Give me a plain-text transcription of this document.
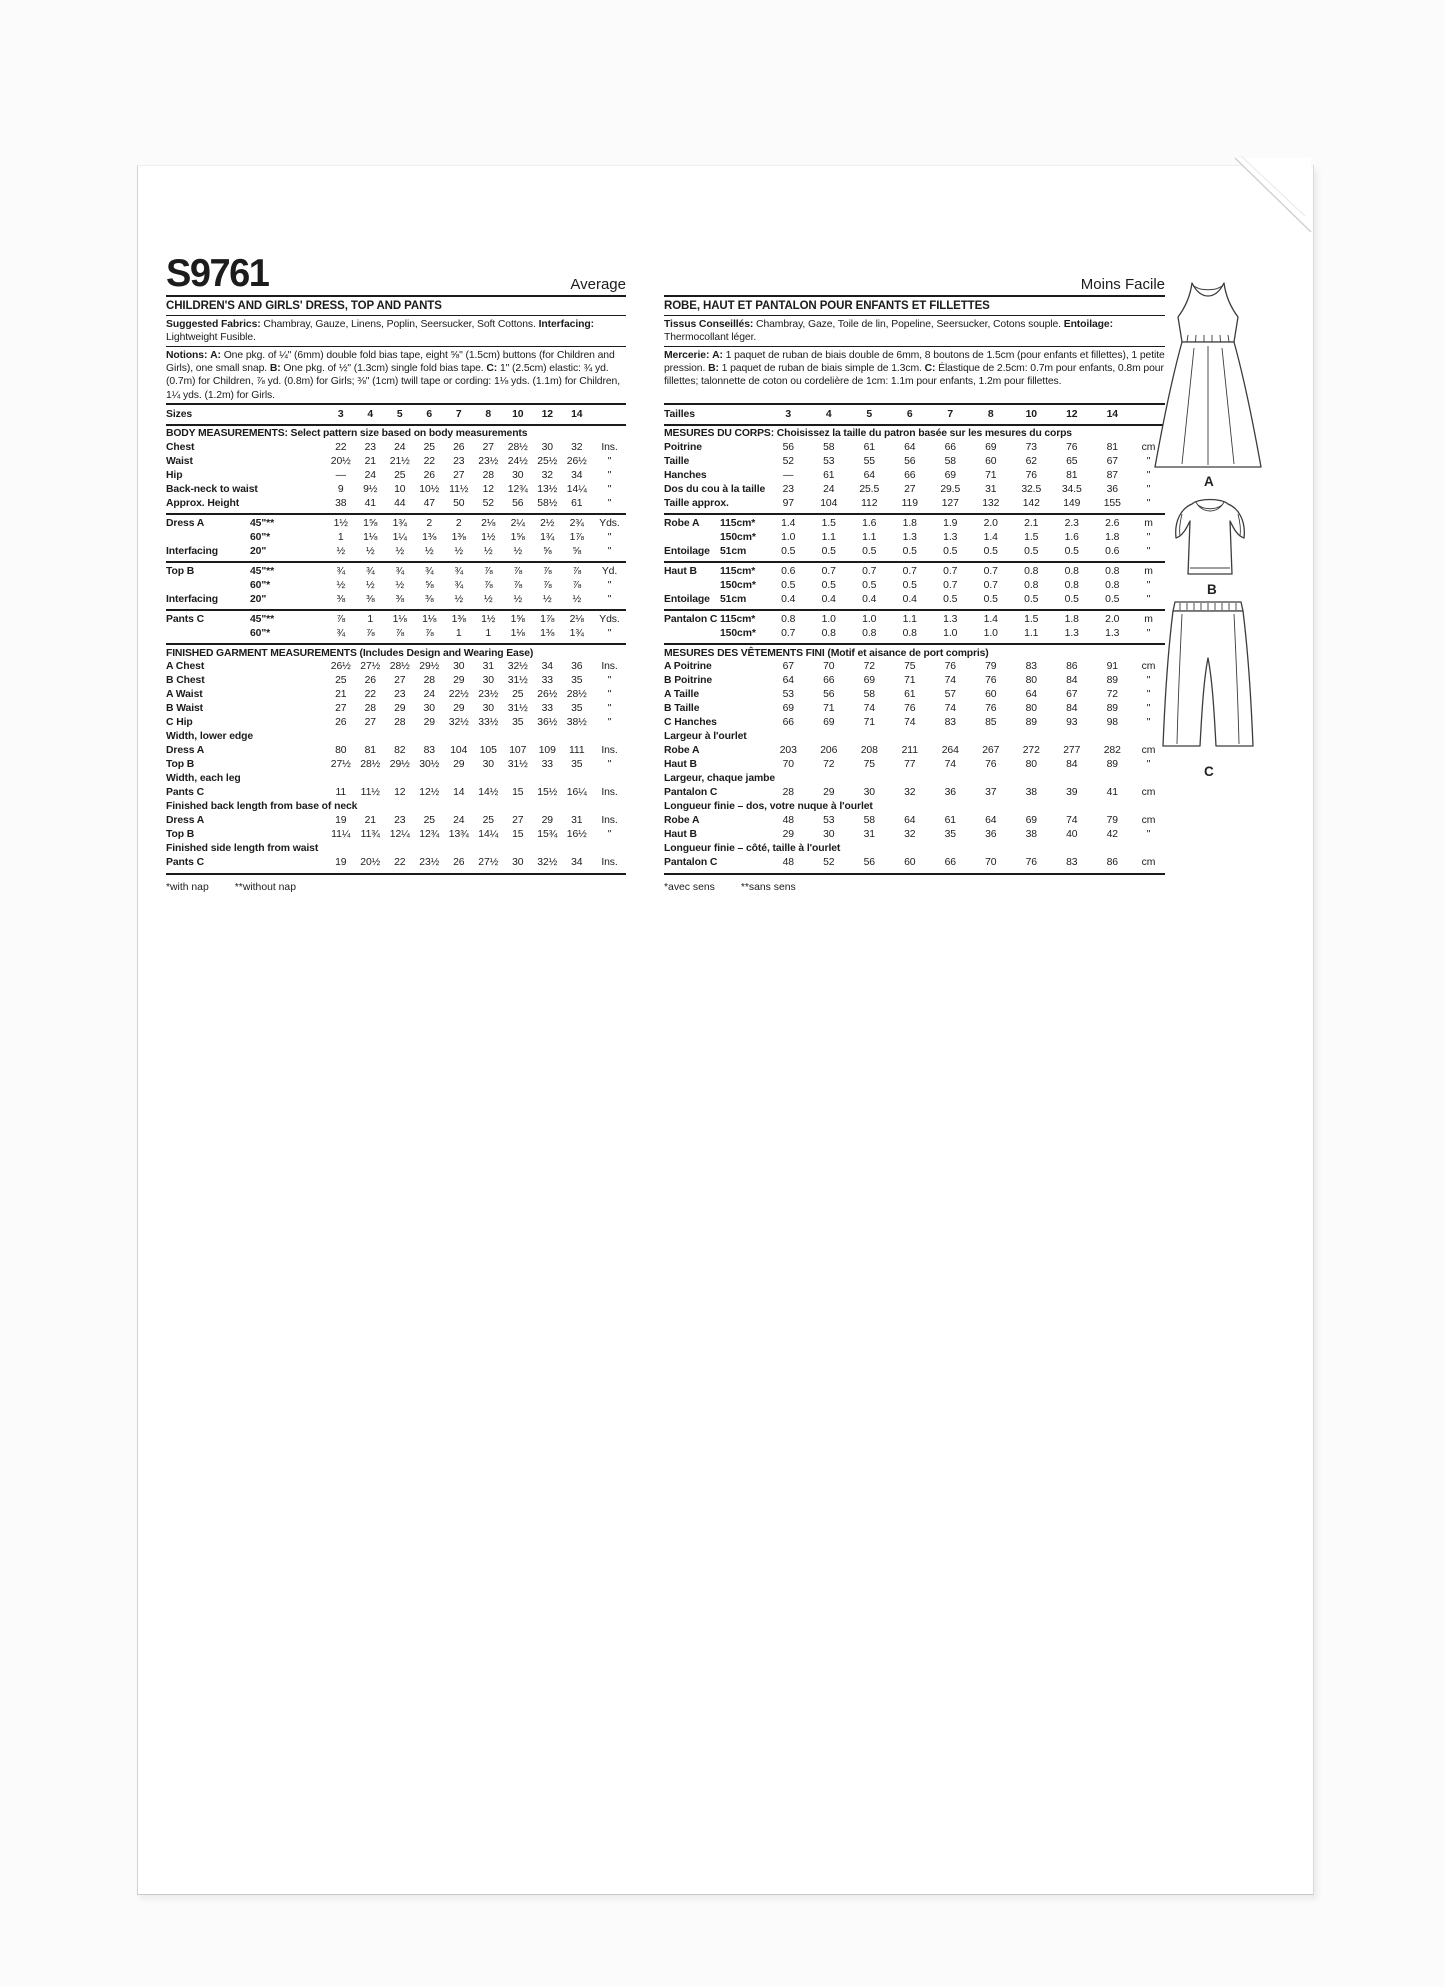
S9761	Average
CHILDREN'S AND GIRLS' DRESS, TOP AND PANTS
Suggested Fabrics: Chambray, Gauze, Linens, Poplin, Seersucker, Soft Cottons. Interfacing: Lightweight Fusible.
Notions: A: One pkg. of ¼" (6mm) double fold bias tape, eight ⅝" (1.5cm) buttons (for Children and Girls), one small snap. B: One pkg. of ½" (1.3cm) single fold bias tape. C: 1" (2.5cm) elastic: ¾ yd. (0.7m) for Children, ⅞ yd. (0.8m) for Girls; ⅜" (1cm) twill tape or cording: 1⅛ yds. (1.1m) for Children, 1¼ yds. (1.2m) for Girls.
Sizes	3	4	5	6	7	8	10	12	14
BODY MEASUREMENTS: Select pattern size based on body measurements
Chest	22	23	24	25	26	27	28½	30	32	Ins.
Waist	20½	21	21½	22	23	23½ 24½ 25½ 26½	"
Hip	—	24	25	26	27	28	30	32	34	"
Back-neck to waist	9	9½	10	10½ 11½	12	12¾ 13½ 14¼	"
Approx. Height	38	41	44	47	50	52	56	58½	61	"
Dress A	45"**	1½	1⅝	1¾	2	2	2⅛	2¼	2½	2¾	Yds.
60"*	1	1⅛	1¼	1⅜	1⅜	1½	1⅝	1¾	1⅞	"
Interfacing	20"	½	½	½	½	½	½	½	⅝	⅝	"
Top B	45"**	¾	¾	¾	¾	¾	⅞	⅞	⅞	⅞	Yd.
60"*	½	½	½	⅝	¾	⅞	⅞	⅞	⅞	"
Interfacing	20"	⅜	⅜	⅜	⅜	½	½	½	½	½	"
Pants C	45"**	⅞	1	1⅛	1⅛	1⅜	1½	1⅝	1⅞	2⅛	Yds.
60"*	¾	⅞	⅞	⅞	1	1	1⅛	1⅜	1¾	"
FINISHED GARMENT MEASUREMENTS (Includes Design and Wearing Ease)
A Chest	26½ 27½ 28½ 29½	30	31	32½	34	36	Ins.
B Chest	25	26	27	28	29	30	31½	33	35	"
A Waist	21	22	23	24	22½ 23½	25	26½ 28½	"
B Waist	27	28	29	30	29	30	31½	33	35	"
C Hip	26	27	28	29	32½ 33½	35	36½ 38½	"
Width, lower edge
Dress A	80	81	82	83	104	105	107	109	111	Ins.
Top B	27½ 28½ 29½ 30½	29	30	31½	33	35	"
Width, each leg
Pants C	11	11½	12	12½	14	14½	15	15½ 16¼	Ins.
Finished back length from base of neck
Dress A	19	21	23	25	24	25	27	29	31	Ins.
Top B	11¼ 11¾ 12¼ 12¾ 13¾ 14¼	15	15¾ 16½	"
Finished side length from waist
Pants C	19	20½	22	23½	26	27½	30	32½	34	Ins.
*with nap	**without nap
Moins Facile
ROBE, HAUT ET PANTALON POUR ENFANTS ET FILLETTES
Tissus Conseillés: Chambray, Gaze, Toile de lin, Popeline, Seersucker, Cotons souple. Entoilage: Thermocollant léger.
Mercerie: A: 1 paquet de ruban de biais double de 6mm, 8 boutons de 1.5cm (pour enfants et fillettes), 1 petite pression. B: 1 paquet de ruban de biais simple de 1.3cm. C: Élastique de 2.5cm: 0.7m pour enfants, 0.8m pour fillettes; talonnette de coton ou cordelière de 1cm: 1.1m pour enfants, 1.2m pour fillettes.
Tailles	3	4	5	6	7	8	10	12	14
MESURES DU CORPS: Choisissez la taille du patron basée sur les mesures du corps
Poitrine	56	58	61	64	66	69	73	76	81	cm
Taille	52	53	55	56	58	60	62	65	67	"
Hanches	—	61	64	66	69	71	76	81	87	"
Dos du cou à la taille	23	24	25.5	27	29.5	31	32.5	34.5	36	"
Taille approx.	97	104	112	119	127	132	142	149	155	"
Robe A	115cm*	1.4	1.5	1.6	1.8	1.9	2.0	2.1	2.3	2.6	m
150cm*	1.0	1.1	1.1	1.3	1.3	1.4	1.5	1.6	1.8	"
Entoilage 51cm	0.5	0.5	0.5	0.5	0.5	0.5	0.5	0.5	0.6	"
Haut B	115cm*	0.6	0.7	0.7	0.7	0.7	0.7	0.8	0.8	0.8	m
150cm*	0.5	0.5	0.5	0.5	0.7	0.7	0.8	0.8	0.8	"
Entoilage 51cm	0.4	0.4	0.4	0.4	0.5	0.5	0.5	0.5	0.5	"
Pantalon C 115cm*	0.8	1.0	1.0	1.1	1.3	1.4	1.5	1.8	2.0	m
150cm*	0.7	0.8	0.8	0.8	1.0	1.0	1.1	1.3	1.3	"
MESURES DES VÊTEMENTS FINI (Motif et aisance de port compris)
A Poitrine	67	70	72	75	76	79	83	86	91	cm
B Poitrine	64	66	69	71	74	76	80	84	89	"
A Taille	53	56	58	61	57	60	64	67	72	"
B Taille	69	71	74	76	74	76	80	84	89	"
C Hanches	66	69	71	74	83	85	89	93	98	"
Largeur à l'ourlet
Robe A	203	206	208	211	264	267	272	277	282	cm
Haut B	70	72	75	77	74	76	80	84	89	"
Largeur, chaque jambe
Pantalon C	28	29	30	32	36	37	38	39	41	cm
Longueur finie – dos, votre nuque à l'ourlet
Robe A	48	53	58	64	61	64	69	74	79	cm
Haut B	29	30	31	32	35	36	38	40	42	"
Longueur finie – côté, taille à l'ourlet
Pantalon C	48	52	56	60	66	70	76	83	86	cm
*avec sens	**sans sens
A
B
C
